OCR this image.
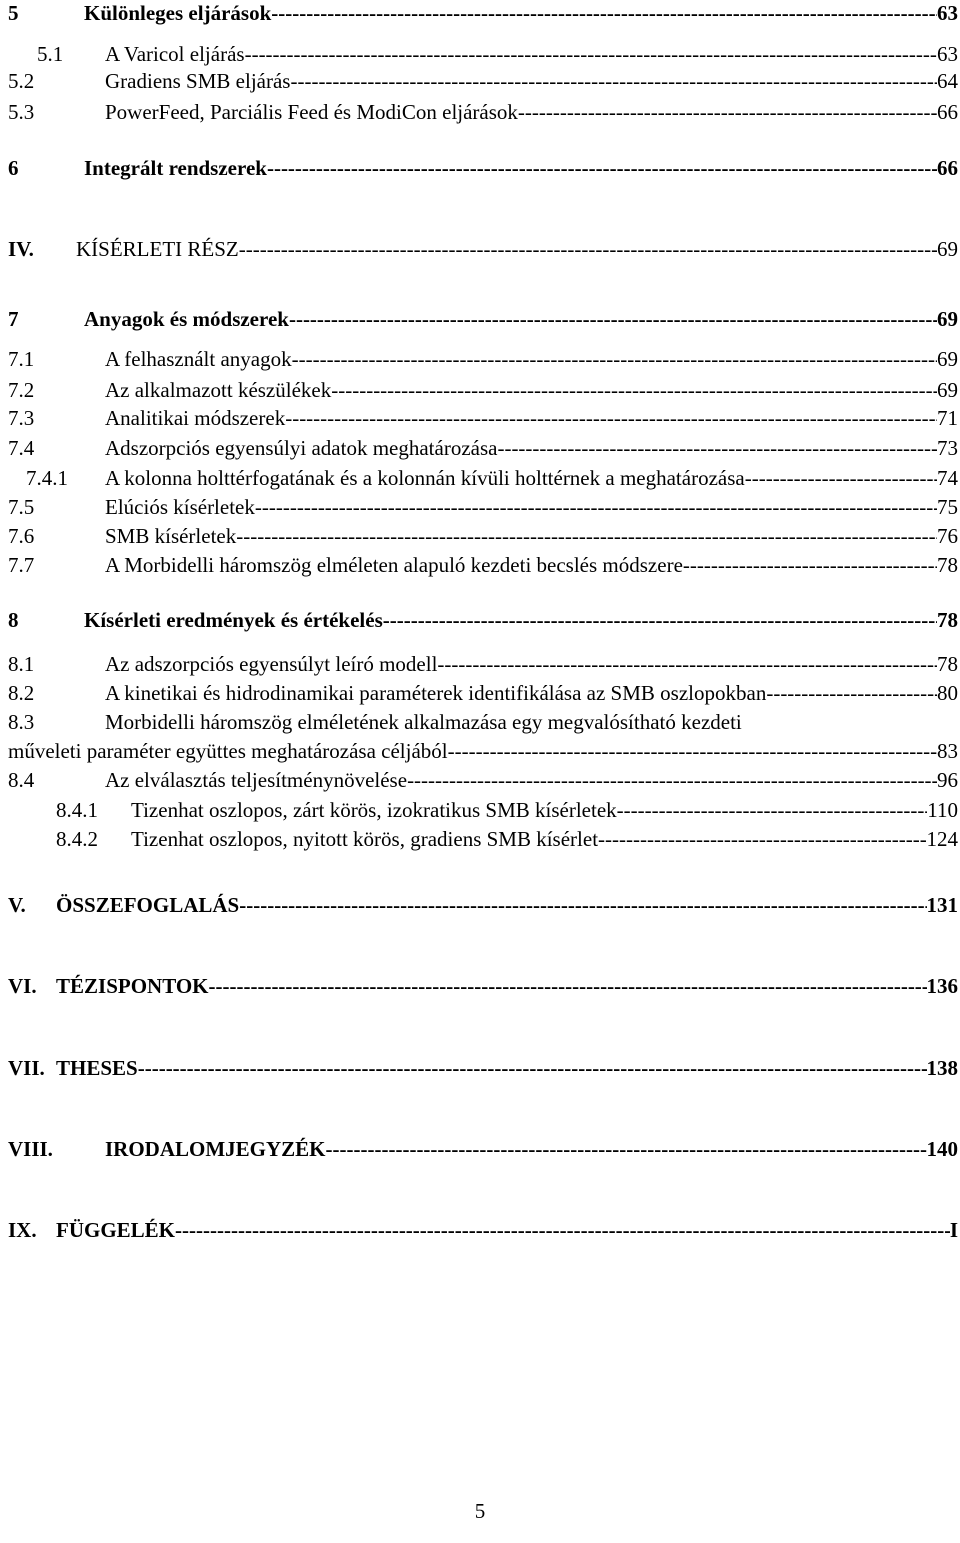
5	Különleges eljárások -----	63
5.1 A Varicol eljárás -----	63
5.2	Gradiens SMB eljárás -----	64
5.3	PowerFeed, Parciális Feed és ModiCon eljárások -----	66
6	Integrált rendszerek -----	66
IV. KÍSÉRLETI RÉSZ -----	69
7	Anyagok és módszerek -----	69
7.1	A felhasznált anyagok -----	69
7.2	Az alkalmazott készülékek -----	69
7.3	Analitikai módszerek -----	71
7.4	Adszorpciós egyensúlyi adatok meghatározása -----	73
7.4.1 A kolonna holttérfogatának és a kolonnán kívüli holttérnek a meghatározása -----	74
7.5	Elúciós kísérletek -----	75
7.6	SMB kísérletek -----	76
7.7	A Morbidelli háromszög elméleten alapuló kezdeti becslés módszere -----	78
8	Kísérleti eredmények és értékelés -----	78
8.1	Az adszorpciós egyensúlyt leíró modell -----	78
8.2	A kinetikai és hidrodinamikai paraméterek identifikálása az SMB oszlopokban -----	80
8.3	Morbidelli háromszög elméletének alkalmazása egy megvalósítható kezdeti
műveleti paraméter együttes meghatározása céljából -----	83
8.4	Az elválasztás teljesítménynövelése -----	96
8.4.1 Tizenhat oszlopos, zárt körös, izokratikus SMB kísérletek -----	110
8.4.2 Tizenhat oszlopos, nyitott körös, gradiens SMB kísérlet -----	124
V. ÖSSZEFOGLALÁS -----	131
VI. TÉZISPONTOK -----	136
VII. THESES -----	138
VIII. IRODALOMJEGYZÉK -----	140
IX. FÜGGELÉK -----	I
5
